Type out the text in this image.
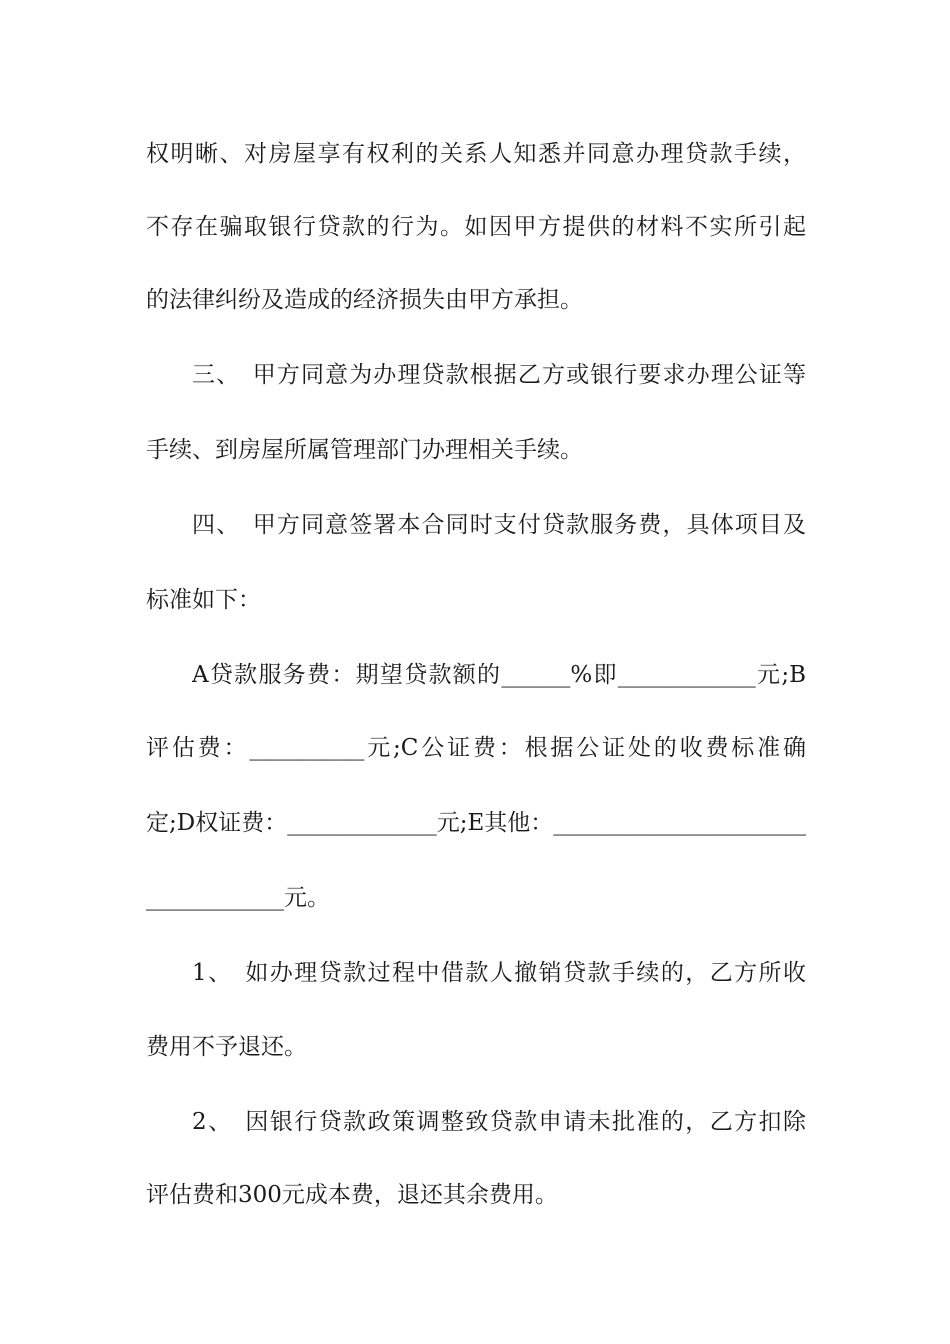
权明晰、对房屋享有权利的关系人知悉并同意办理贷款手续，
不存在骗取银行贷款的行为。如因甲方提供的材料不实所引起
的法律纠纷及造成的经济损失由甲方承担。
三、　甲方同意为办理贷款根据乙方或银行要求办理公证等
手续、到房屋所属管理部门办理相关手续。
四、　甲方同意签署本合同时支付贷款服务费，具体项目及
标准如下：
A贷款服务费：期望贷款额的______%即____________元;B
评估费：__________元;C公证费：根据公证处的收费标准确
定;D权证费：_____________元;E其他：______________________
____________元。
1、　如办理贷款过程中借款人撤销贷款手续的，乙方所收
费用不予退还。
2、　因银行贷款政策调整致贷款申请未批准的，乙方扣除
评估费和300元成本费，退还其余费用。
